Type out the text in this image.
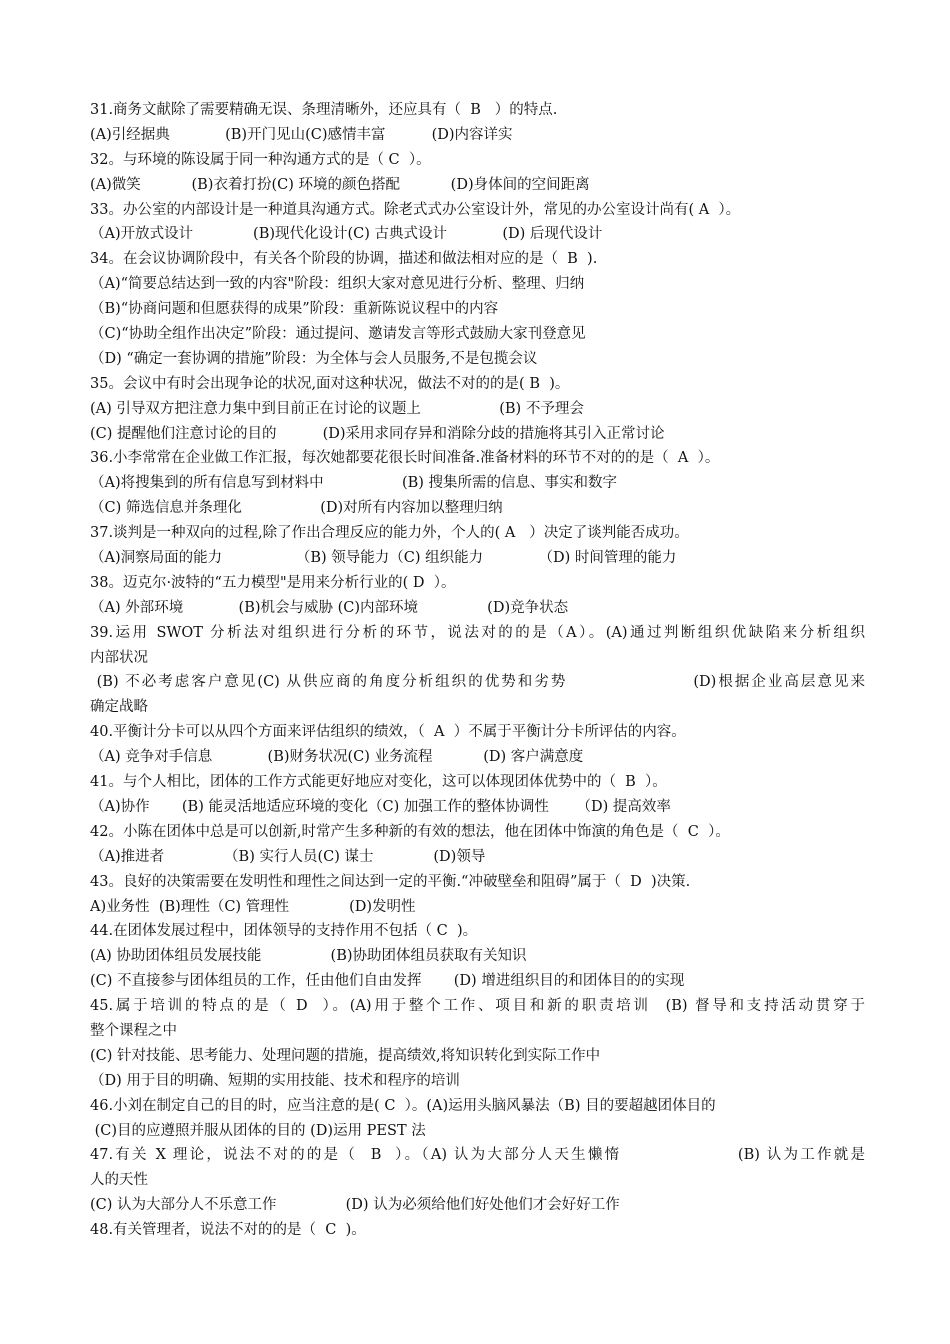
31.商务文献除了需要精确无误、条理清晰外，还应具有（  B   ）的特点.
(A)引经据典            (B)开门见山(C)感情丰富          (D)内容详实
32。与环境的陈设属于同一种沟通方式的是（ C  ）。
(A)微笑           (B)衣着打扮(C) 环境的颜色搭配           (D)身体间的空间距离
33。办公室的内部设计是一种道具沟通方式。除老式式办公室设计外，常见的办公室设计尚有( A  ）。
（A)开放式设计             (B)现代化设计(C) 古典式设计            (D) 后现代设计
34。在会议协调阶段中，有关各个阶段的协调，描述和做法相对应的是（  B  ).
（A)“简要总结达到一致的内容"阶段：组织大家对意见进行分析、整理、归纳
（B)“协商问题和但愿获得的成果”阶段：重新陈说议程中的内容
（C)“协助全组作出决定”阶段：通过提问、邀请发言等形式鼓励大家刊登意见
（D) “确定一套协调的措施”阶段：为全体与会人员服务,不是包揽会议
35。会议中有时会出现争论的状况,面对这种状况，做法不对的的是( B  )。
(A) 引导双方把注意力集中到目前正在讨论的议题上                 (B) 不予理会
(C) 提醒他们注意讨论的目的          (D)采用求同存异和消除分歧的措施将其引入正常讨论
36.小李常常在企业做工作汇报，每次她都要花很长时间准备.准备材料的环节不对的的是（  A  ）。
（A)将搜集到的所有信息写到材料中                 (B) 搜集所需的信息、事实和数字
（C) 筛选信息并条理化                 (D)对所有内容加以整理归纳
37.谈判是一种双向的过程,除了作出合理反应的能力外，个人的( A   ）决定了谈判能否成功。
（A)洞察局面的能力                （B) 领导能力（C) 组织能力            （D) 时间管理的能力
38。迈克尔·波特的“五力模型"是用来分析行业的( D  ）。
（A) 外部环境            (B)机会与威胁 (C)内部环境               (D)竞争状态
39.运用 SWOT 分析法对组织进行分析的环节，说法对的的是（A）。(A)通过判断组织优缺陷来分析组织
内部状况
(B) 不必考虑客户意见(C) 从供应商的角度分析组织的优势和劣势                   (D)根据企业高层意见来
确定战略
40.平衡计分卡可以从四个方面来评估组织的绩效，（  A  ）不属于平衡计分卡所评估的内容。
（A) 竞争对手信息            (B)财务状况(C) 业务流程           (D) 客户满意度
41。与个人相比，团体的工作方式能更好地应对变化，这可以体现团体优势中的（  B  ）。
（A)协作       (B) 能灵活地适应环境的变化（C) 加强工作的整体协调性      （D) 提高效率
42。小陈在团体中总是可以创新,时常产生多种新的有效的想法，他在团体中饰演的角色是（  C  ）。
（A)推进者             （B) 实行人员(C) 谋士             (D)领导
43。良好的决策需要在发明性和理性之间达到一定的平衡.“冲破壁垒和阻碍”属于（  D  )决策.
A)业务性  (B)理性（C) 管理性             (D)发明性
44.在团体发展过程中，团体领导的支持作用不包括（ C  )。
(A) 协助团体组员发展技能               (B)协助团体组员获取有关知识
(C) 不直接参与团体组员的工作，任由他们自由发挥       (D) 增进组织目的和团体目的的实现
45.属于培训的特点的是（ D  ）。(A)用于整个工作、项目和新的职责培训  (B) 督导和支持活动贯穿于
整个课程之中
(C) 针对技能、思考能力、处理问题的措施，提高绩效,将知识转化到实际工作中
（D) 用于目的明确、短期的实用技能、技术和程序的培训
46.小刘在制定自己的目的时，应当注意的是( C  ）。(A)运用头脑风暴法（B) 目的要超越团体目的
(C)目的应遵照并服从团体的目的 (D)运用 PEST 法
47.有关 X 理论，说法不对的的是（  B  ）。（A) 认为大部分人天生懒惰                 (B) 认为工作就是
人的天性
(C) 认为大部分人不乐意工作               (D) 认为必须给他们好处他们才会好好工作
48.有关管理者，说法不对的的是（  C  )。
